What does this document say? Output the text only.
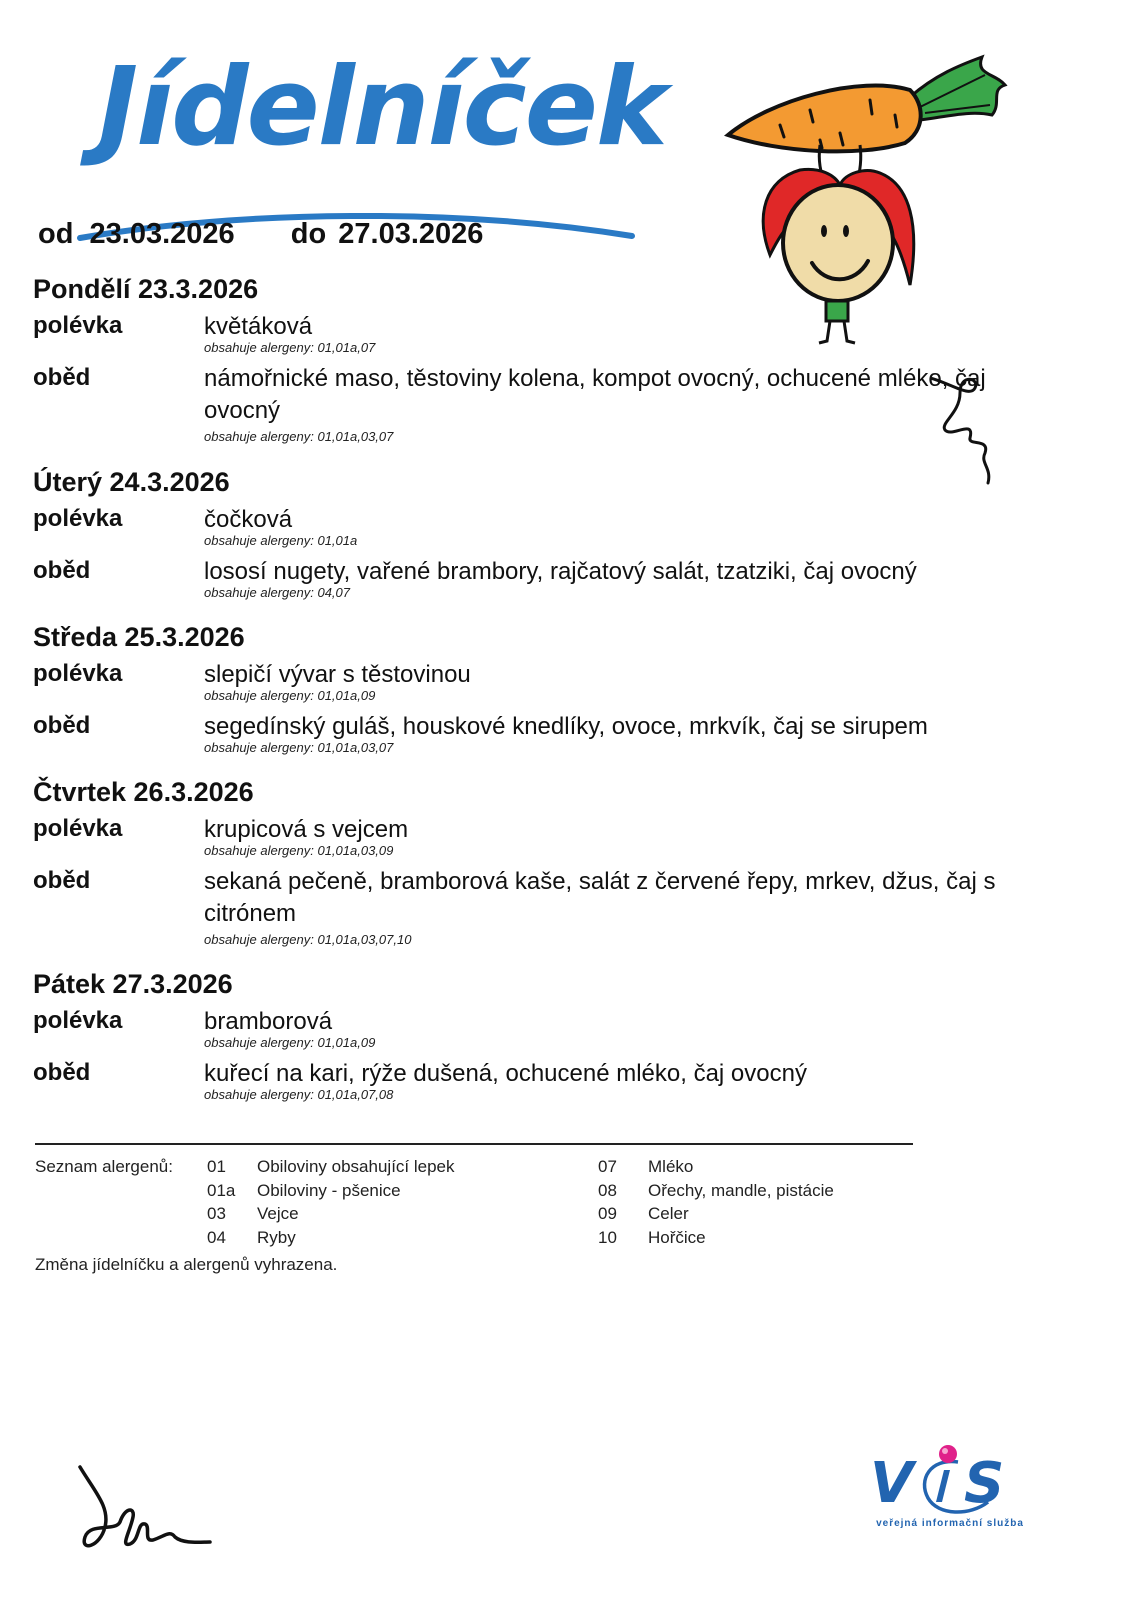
Jídelníček
od 23.03.2026 do 27.03.2026
Pondělí 23.3.2026
polévka	květáková
obsahuje alergeny: 01,01a,07
oběd	námořnické maso, těstoviny kolena, kompot ovocný, ochucené mléko, čaj ovocný
obsahuje alergeny: 01,01a,03,07
Úterý 24.3.2026
polévka	čočková
obsahuje alergeny: 01,01a
oběd	lososí nugety, vařené brambory, rajčatový salát, tzatziki, čaj ovocný
obsahuje alergeny: 04,07
Středa 25.3.2026
polévka	slepičí vývar s těstovinou
obsahuje alergeny: 01,01a,09
oběd	segedínský guláš, houskové knedlíky, ovoce, mrkvík, čaj se sirupem
obsahuje alergeny: 01,01a,03,07
Čtvrtek 26.3.2026
polévka	krupicová s vejcem
obsahuje alergeny: 01,01a,03,09
oběd	sekaná pečeně, bramborová kaše, salát z červené řepy, mrkev, džus, čaj s citrónem
obsahuje alergeny: 01,01a,03,07,10
Pátek 27.3.2026
polévka	bramborová
obsahuje alergeny: 01,01a,09
oběd	kuřecí na kari, rýže dušená, ochucené mléko, čaj ovocný
obsahuje alergeny: 01,01a,07,08
Seznam alergenů: 01	Obiloviny obsahující lepek
01a	Obiloviny - pšenice
03	Vejce
04	Ryby
07	Mléko
08	Ořechy, mandle, pistácie
09	Celer
10	Hořčice
Změna jídelníčku a alergenů vyhrazena.
V S
veřejná informační služba
